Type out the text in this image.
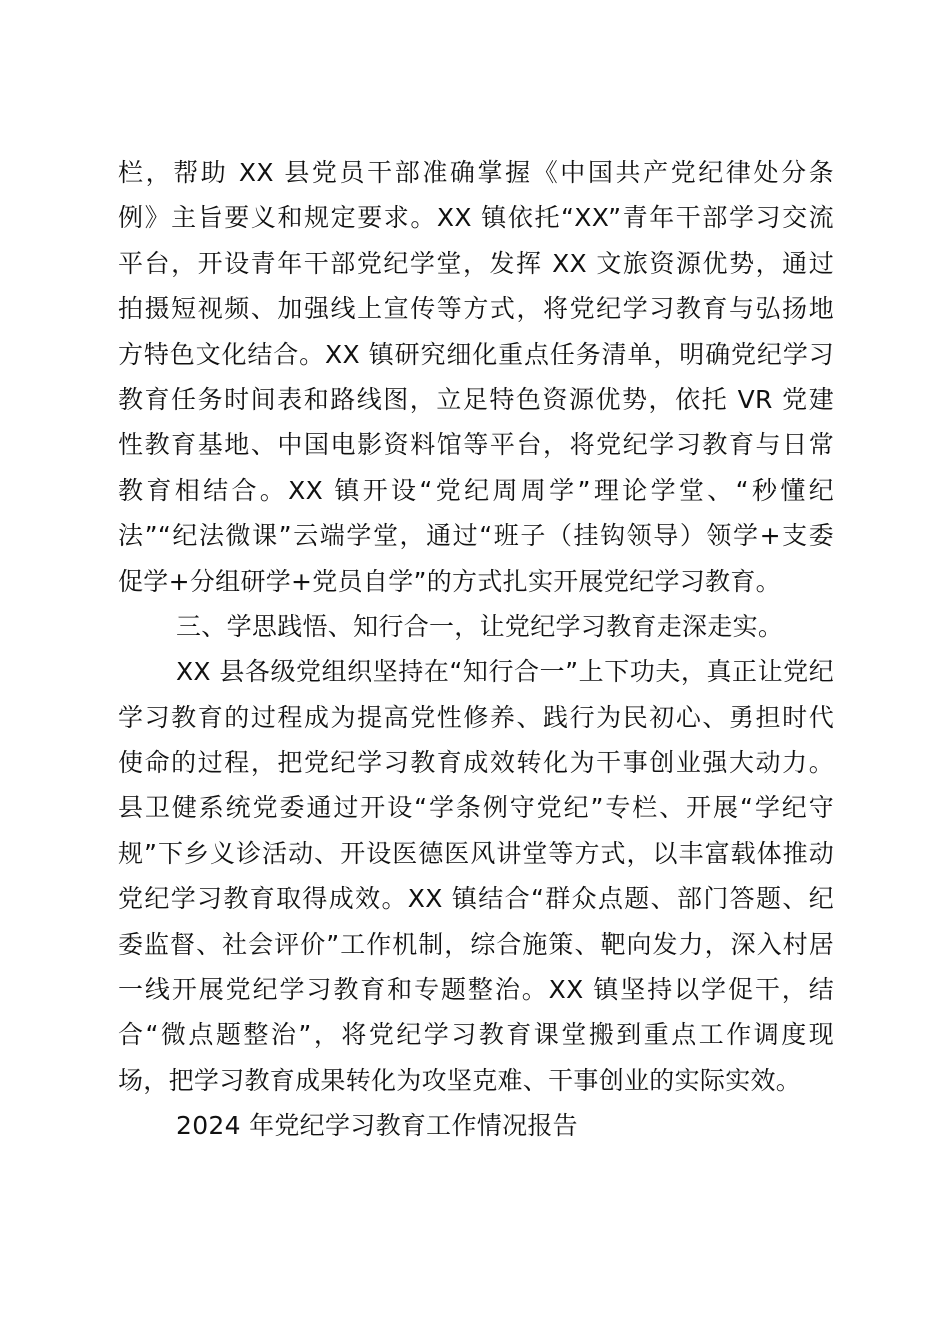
栏，帮助 XX 县党员干部准确掌握《中国共产党纪律处分条
例》主旨要义和规定要求。XX 镇依托“XX”青年干部学习交流
平台，开设青年干部党纪学堂，发挥 XX 文旅资源优势，通过
拍摄短视频、加强线上宣传等方式，将党纪学习教育与弘扬地
方特色文化结合。XX 镇研究细化重点任务清单，明确党纪学习
教育任务时间表和路线图，立足特色资源优势，依托 VR 党建
性教育基地、中国电影资料馆等平台，将党纪学习教育与日常
教育相结合。XX 镇开设“党纪周周学”理论学堂、“秒懂纪
法”“纪法微课”云端学堂，通过“班子（挂钩领导）领学+支委
促学+分组研学+党员自学”的方式扎实开展党纪学习教育。
三、学思践悟、知行合一，让党纪学习教育走深走实。
XX 县各级党组织坚持在“知行合一”上下功夫，真正让党纪
学习教育的过程成为提高党性修养、践行为民初心、勇担时代
使命的过程，把党纪学习教育成效转化为干事创业强大动力。
县卫健系统党委通过开设“学条例守党纪”专栏、开展“学纪守
规”下乡义诊活动、开设医德医风讲堂等方式，以丰富载体推动
党纪学习教育取得成效。XX 镇结合“群众点题、部门答题、纪
委监督、社会评价”工作机制，综合施策、靶向发力，深入村居
一线开展党纪学习教育和专题整治。XX 镇坚持以学促干，结
合“微点题整治”，将党纪学习教育课堂搬到重点工作调度现
场，把学习教育成果转化为攻坚克难、干事创业的实际实效。
2024 年党纪学习教育工作情况报告
